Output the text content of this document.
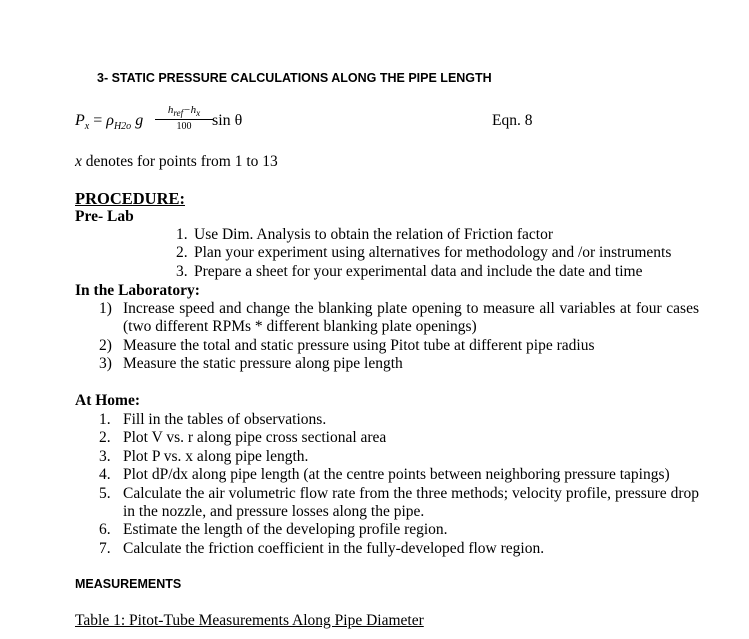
3- STATIC PRESSURE CALCULATIONS ALONG THE PIPE LENGTH
$P_x = \rho_{H2o}$ g
$h_{ref}-h_x$
100	sin θ	Eqn. 8
x denotes for points from 1 to 13
PROCEDURE:
Pre- Lab
1. Use Dim. Analysis to obtain the relation of Friction factor
2. Plan your experiment using alternatives for methodology and /or instruments
3. Prepare a sheet for your experimental data and include the date and time
In the Laboratory:
1) Increase speed and change the blanking plate opening to measure all variables at four cases (two different RPMs * different blanking plate openings)
2) Measure the total and static pressure using Pitot tube at different pipe radius
3) Measure the static pressure along pipe length
At Home:
1. Fill in the tables of observations.
2. Plot V vs. r along pipe cross sectional area
3. Plot P vs. x along pipe length.
4. Plot dP/dx along pipe length (at the centre points between neighboring pressure tapings)
5. Calculate the air volumetric flow rate from the three methods; velocity profile, pressure drop in the nozzle, and pressure losses along the pipe.
6. Estimate the length of the developing profile region.
7. Calculate the friction coefficient in the fully-developed flow region.
MEASUREMENTS
Table 1: Pitot-Tube Measurements Along Pipe Diameter
